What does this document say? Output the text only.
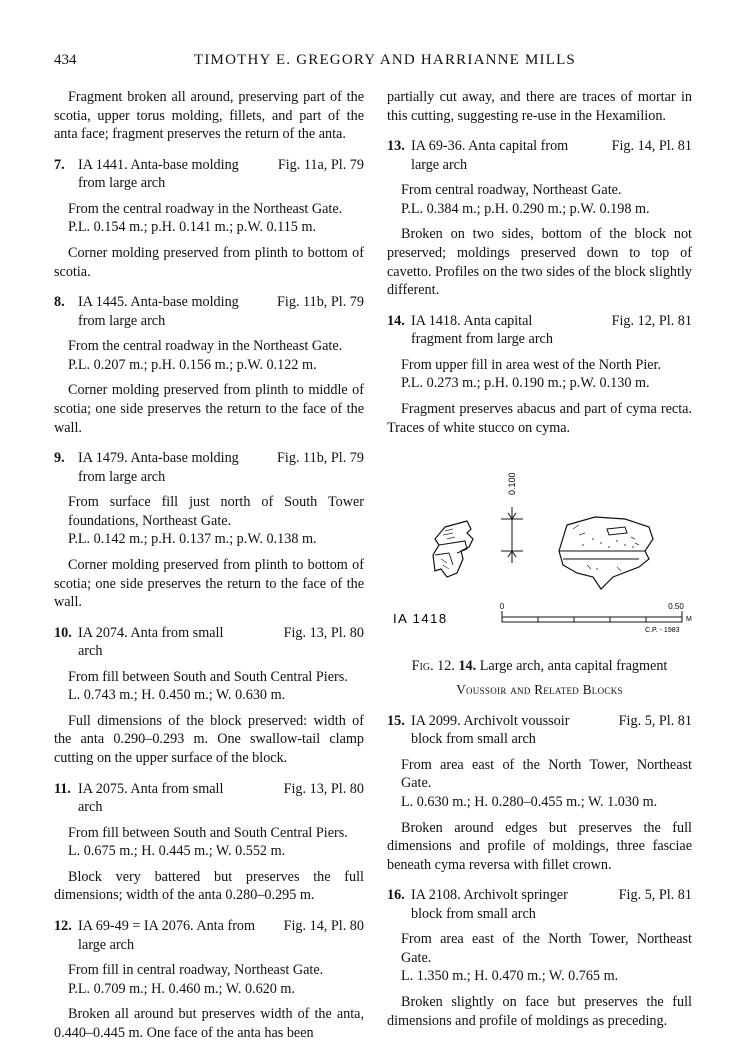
434	TIMOTHY E. GREGORY AND HARRIANNE MILLS

Fragment broken all around, preserving part of the scotia, upper torus molding, fillets, and part of the anta face; fragment preserves the return of the anta.

7. IA 1441. Anta-base molding from large arch
Fig. 11a, Pl. 79
From the central roadway in the Northeast Gate.
P.L. 0.154 m.; p.H. 0.141 m.; p.W. 0.115 m.

Corner molding preserved from plinth to bottom of scotia.

8. IA 1445. Anta-base molding from large arch
Fig. 11b, Pl. 79
From the central roadway in the Northeast Gate.
P.L. 0.207 m.; p.H. 0.156 m.; p.W. 0.122 m.

Corner molding preserved from plinth to middle of scotia; one side preserves the return to the face of the wall.

9. IA 1479. Anta-base molding from large arch
Fig. 11b, Pl. 79

From surface fill just north of South Tower foundations, Northeast Gate.

P.L. 0.142 m.; p.H. 0.137 m.; p.W. 0.138 m.

Corner molding preserved from plinth to bottom of scotia; one side preserves the return to the face of the wall.

10. IA 2074. Anta from small arch
Fig. 13, Pl. 80
From fill between South and South Central Piers.
L. 0.743 m.; H. 0.450 m.; W. 0.630 m.

Full dimensions of the block preserved: width of the anta 0.290–0.293 m. One swallow-tail clamp cutting on the upper surface of the block.

11. IA 2075. Anta from small arch
Fig. 13, Pl. 80
From fill between South and South Central Piers.
L. 0.675 m.; H. 0.445 m.; W. 0.552 m.

Block very battered but preserves the full dimensions; width of the anta 0.280–0.295 m.

12. IA 69-49 = IA 2076. Anta from large arch
Fig. 14, Pl. 80
From fill in central roadway, Northeast Gate.
P.L. 0.709 m.; H. 0.460 m.; W. 0.620 m.

Broken all around but preserves width of the anta, 0.440–0.445 m. One face of the anta has been

partially cut away, and there are traces of mortar in this cutting, suggesting re-use in the Hexamilion.

13. IA 69-36. Anta capital from large arch
Fig. 14, Pl. 81
From central roadway, Northeast Gate.
P.L. 0.384 m.; p.H. 0.290 m.; p.W. 0.198 m.

Broken on two sides, bottom of the block not preserved; moldings preserved down to top of cavetto. Profiles on the two sides of the block slightly different.

14. IA 1418. Anta capital fragment from large arch
Fig. 12, Pl. 81
From upper fill in area west of the North Pier.
P.L. 0.273 m.; p.H. 0.190 m.; p.W. 0.130 m.

Fragment preserves abacus and part of cyma recta. Traces of white stucco on cyma.

0.100
IA 1418
0	0.50
M
C.P. - 1983
Fig. 12. 14. Large arch, anta capital fragment
Voussoir and Related Blocks
15. IA 2099. Archivolt voussoir block from small arch
Fig. 5, Pl. 81

From area east of the North Tower, Northeast Gate.

L. 0.630 m.; H. 0.280–0.455 m.; W. 1.030 m.

Broken around edges but preserves the full dimensions and profile of moldings, three fasciae beneath cyma reversa with fillet crown.

16. IA 2108. Archivolt springer block from small arch
Fig. 5, Pl. 81

From area east of the North Tower, Northeast Gate.

L. 1.350 m.; H. 0.470 m.; W. 0.765 m.

Broken slightly on face but preserves the full dimensions and profile of moldings as preceding.
